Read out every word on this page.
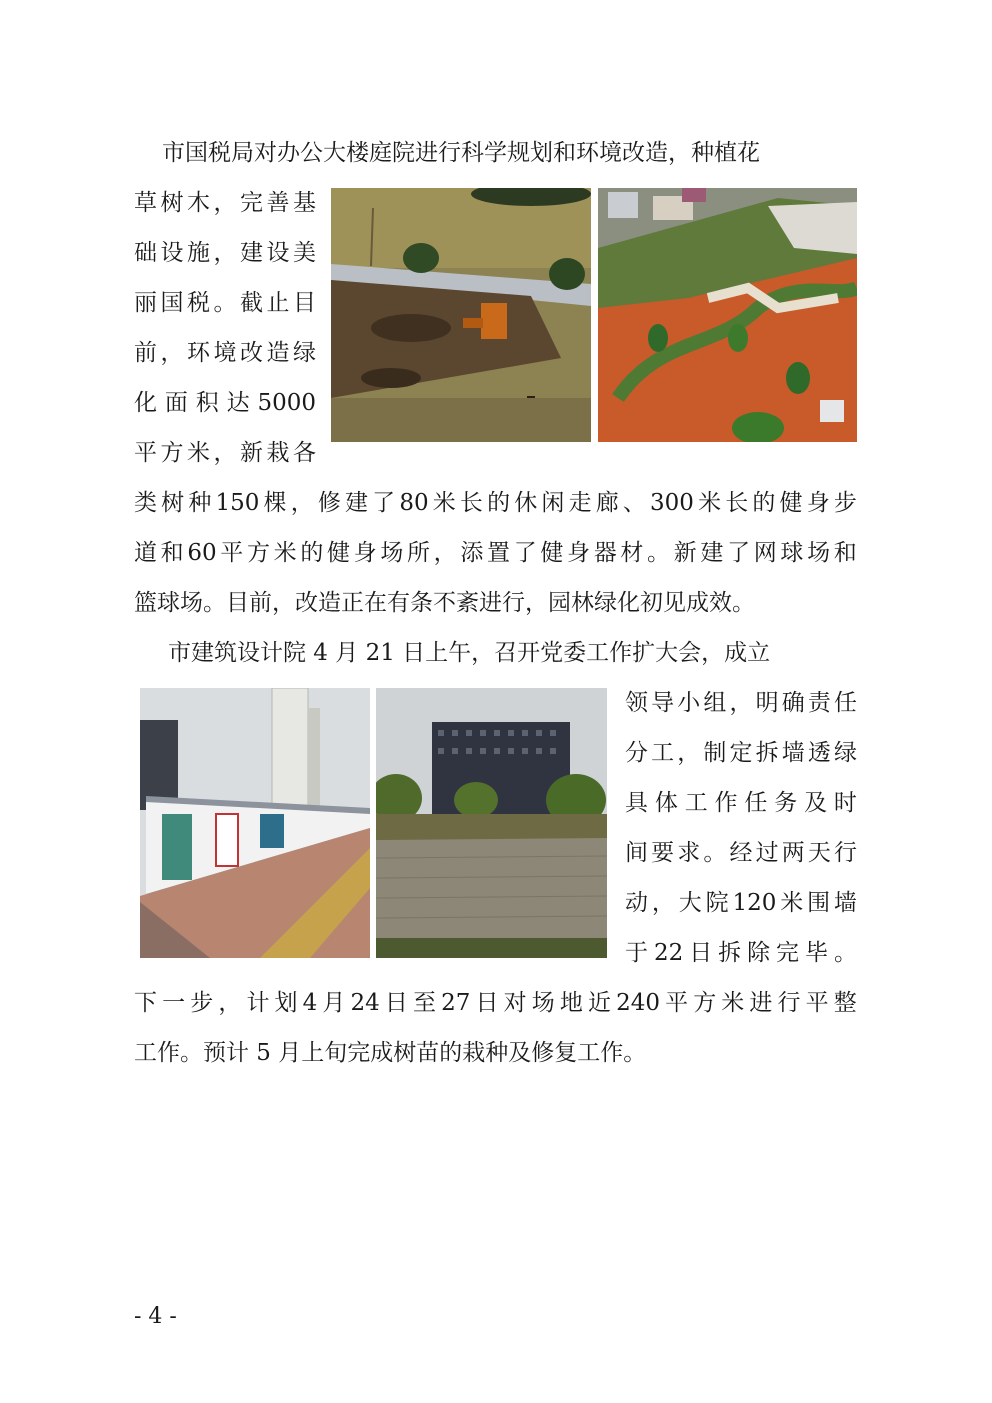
市国税局对办公大楼庭院进行科学规划和环境改造，种植花
草 树 木 ， 完 善 基
础 设 施 ， 建 设 美
丽 国 税 。 截 止 目
前 ， 环 境 改 造 绿
化 面 积 达 5000
平 方 米 ， 新 栽 各
类 树 种 150 棵 ， 修 建 了 80 米 长 的 休 闲 走 廊 、 300 米 长 的 健 身 步
道 和 60 平 方 米 的 健 身 场 所 ， 添 置 了 健 身 器 材 。 新 建 了 网 球 场 和
篮球场。目前，改造正在有条不紊进行，园林绿化初见成效。
市建筑设计院 4 月 21 日上午，召开党委工作扩大会，成立
领 导 小 组 ， 明 确 责 任
分 工 ， 制 定 拆 墙 透 绿
具 体 工 作 任 务 及 时
间 要 求 。 经 过 两 天 行
动 ， 大 院 120 米 围 墙
于 22 日 拆 除 完 毕 。
下 一 步 ， 计 划 4 月 24 日 至 27 日 对 场 地 近 240 平 方 米 进 行 平 整
工作。预计 5 月上旬完成树苗的栽种及修复工作。
- 4 -
